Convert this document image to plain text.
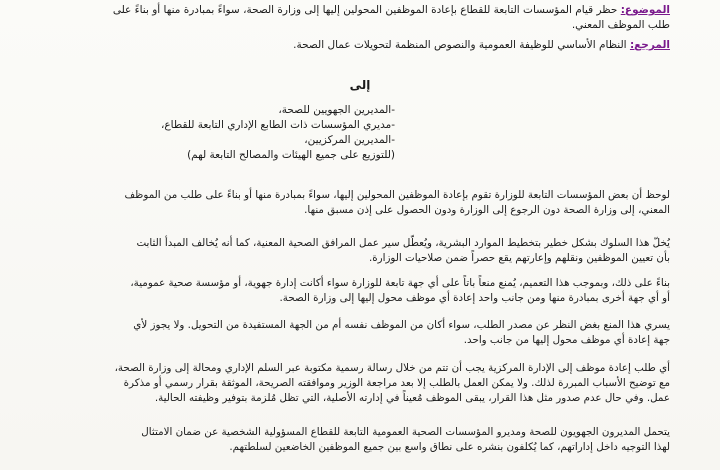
الموضوع: حظر قيام المؤسسات التابعة للقطاع بإعادة الموظفين المحولين إليها إلى وزارة الصحة، سواءً بمبادرة منها أو بناءً على
طلب الموظف المعني.
المرجع: النظام الأساسي للوظيفة العمومية والنصوص المنظمة لتحويلات عمال الصحة.
إلى
-المديرين الجهويين للصحة،
-مديري المؤسسات ذات الطابع الإداري التابعة للقطاع،
-المديرين المركزيين،
(للتوزيع على جميع الهيئات والمصالح التابعة لهم)
لوحظ أن بعض المؤسسات التابعة للوزارة تقوم بإعادة الموظفين المحولين إليها، سواءً بمبادرة منها أو بناءً على طلب من الموظف
المعني، إلى وزارة الصحة دون الرجوع إلى الوزارة ودون الحصول على إذن مسبق منها.
يُخلّ هذا السلوك بشكل خطير بتخطيط الموارد البشرية، ويُعطّل سير عمل المرافق الصحية المعنية، كما أنه يُخالف المبدأ الثابت
بأن تعيين الموظفين ونقلهم وإعارتهم يقع حصراً ضمن صلاحيات الوزارة.
بناءً على ذلك، وبموجب هذا التعميم، يُمنع منعاً باتاً على أي جهة تابعة للوزارة سواء أكانت إدارة جهوية، أو مؤسسة صحية عمومية،
أو أي جهة أخرى بمبادرة منها ومن جانب واحد إعادة أي موظف محول إليها إلى وزارة الصحة.
يسري هذا المنع بغض النظر عن مصدر الطلب، سواء أكان من الموظف نفسه أم من الجهة المستفيدة من التحويل. ولا يجوز لأي
جهة إعادة أي موظف محول إليها من جانب واحد.
أي طلب إعادة موظف إلى الإدارة المركزية يجب أن تتم من خلال رسالة رسمية مكتوبة عبر السلم الإداري ومحالة إلى وزارة الصحة،
مع توضيح الأسباب المبررة لذلك. ولا يمكن العمل بالطلب إلا بعد مراجعة الوزير وموافقته الصريحة، الموثقة بقرار رسمي أو مذكرة
عمل. وفي حال عدم صدور مثل هذا القرار، يبقى الموظف مُعيناً في إدارته الأصلية، التي تظل مُلزمة بتوفير وظيفته الحالية.
يتحمل المديرون الجهويون للصحة ومديرو المؤسسات الصحية العمومية التابعة للقطاع المسؤولية الشخصية عن ضمان الامتثال
لهذا التوجيه داخل إداراتهم، كما يُكلفون بنشره على نطاق واسع بين جميع الموظفين الخاضعين لسلطتهم.
